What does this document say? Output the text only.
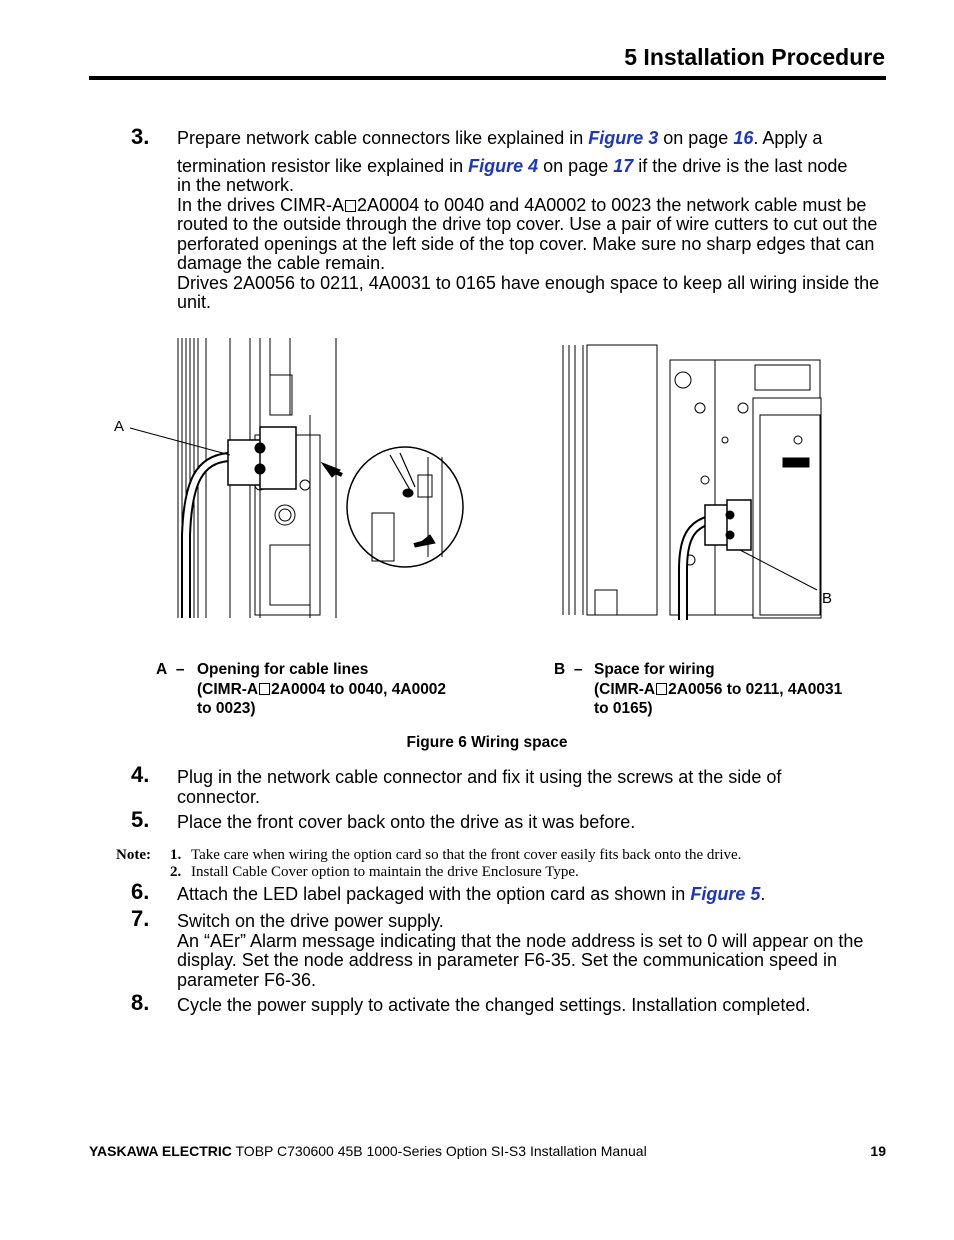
5 Installation Procedure
3. Prepare network cable connectors like explained in Figure 3 on page 16. Apply a
termination resistor like explained in Figure 4 on page 17 if the drive is the last node
in the network.
In the drives CIMR-A 2A0004 to 0040 and 4A0002 to 0023 the network cable must be routed to the outside through the drive top cover. Use a pair of wire cutters to cut out the perforated openings at the left side of the top cover. Make sure no sharp edges that can damage the cable remain.
Drives 2A0056 to 0211, 4A0031 to 0165 have enough space to keep all wiring inside the unit.
A
B
A – Opening for cable lines
(CIMR-A 2A0004 to 0040, 4A0002
to 0023)
B – Space for wiring
(CIMR-A 2A0056 to 0211, 4A0031
to 0165)
Figure 6 Wiring space
4. Plug in the network cable connector and fix it using the screws at the side of connector.
5. Place the front cover back onto the drive as it was before.
Note: 1. Take care when wiring the option card so that the front cover easily fits back onto the drive.
2. Install Cable Cover option to maintain the drive Enclosure Type.
6. Attach the LED label packaged with the option card as shown in Figure 5.
7. Switch on the drive power supply.
An “AEr” Alarm message indicating that the node address is set to 0 will appear on the display. Set the node address in parameter F6-35. Set the communication speed in parameter F6-36.
8. Cycle the power supply to activate the changed settings. Installation completed.
YASKAWA ELECTRIC TOBP C730600 45B 1000-Series Option SI-S3 Installation Manual	19
